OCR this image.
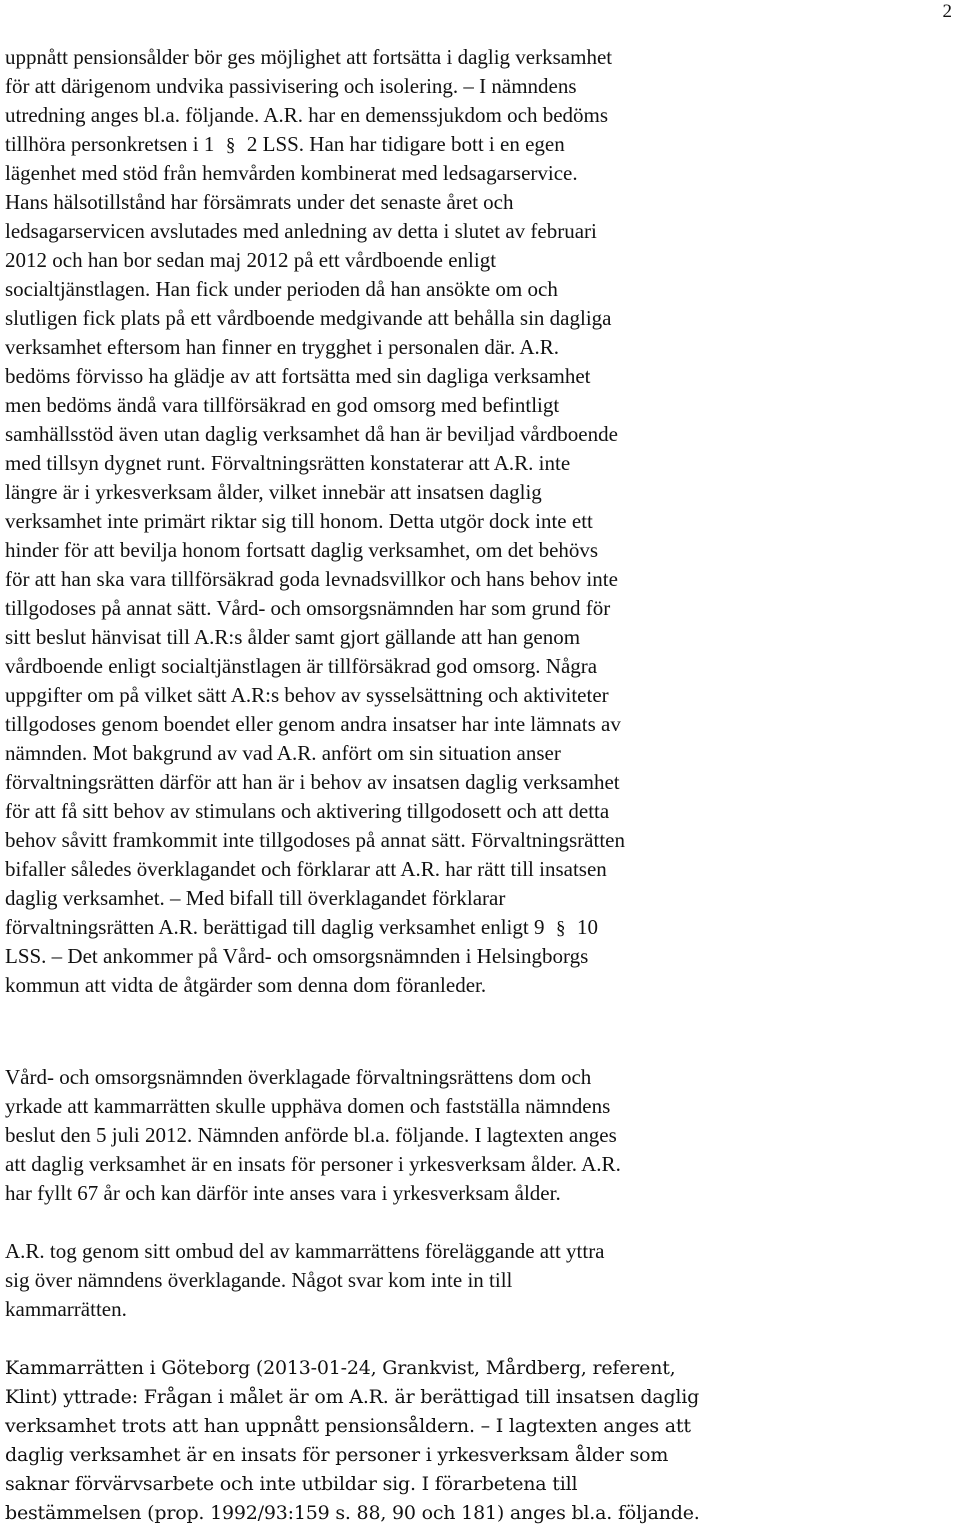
2
uppnått pensionsålder bör ges möjlighet att fortsätta i daglig verksamhet
för att därigenom undvika passivisering och isolering. – I nämndens
utredning anges bl.a. följande. A.R. har en demenssjukdom och bedöms
tillhöra personkretsen i 1 § 2 LSS. Han har tidigare bott i en egen
lägenhet med stöd från hemvården kombinerat med ledsagarservice.
Hans hälsotillstånd har försämrats under det senaste året och
ledsagarservicen avslutades med anledning av detta i slutet av februari
2012 och han bor sedan maj 2012 på ett vårdboende enligt
socialtjänstlagen. Han fick under perioden då han ansökte om och
slutligen fick plats på ett vårdboende medgivande att behålla sin dagliga
verksamhet eftersom han finner en trygghet i personalen där. A.R.
bedöms förvisso ha glädje av att fortsätta med sin dagliga verksamhet
men bedöms ändå vara tillförsäkrad en god omsorg med befintligt
samhällsstöd även utan daglig verksamhet då han är beviljad vårdboende
med tillsyn dygnet runt. Förvaltningsrätten konstaterar att A.R. inte
längre är i yrkesverksam ålder, vilket innebär att insatsen daglig
verksamhet inte primärt riktar sig till honom. Detta utgör dock inte ett
hinder för att bevilja honom fortsatt daglig verksamhet, om det behövs
för att han ska vara tillförsäkrad goda levnadsvillkor och hans behov inte
tillgodoses på annat sätt. Vård- och omsorgsnämnden har som grund för
sitt beslut hänvisat till A.R:s ålder samt gjort gällande att han genom
vårdboende enligt socialtjänstlagen är tillförsäkrad god omsorg. Några
uppgifter om på vilket sätt A.R:s behov av sysselsättning och aktiviteter
tillgodoses genom boendet eller genom andra insatser har inte lämnats av
nämnden. Mot bakgrund av vad A.R. anfört om sin situation anser
förvaltningsrätten därför att han är i behov av insatsen daglig verksamhet
för att få sitt behov av stimulans och aktivering tillgodosett och att detta
behov såvitt framkommit inte tillgodoses på annat sätt. Förvaltningsrätten
bifaller således överklagandet och förklarar att A.R. har rätt till insatsen
daglig verksamhet. – Med bifall till överklagandet förklarar
förvaltningsrätten A.R. berättigad till daglig verksamhet enligt 9 § 10
LSS. – Det ankommer på Vård- och omsorgsnämnden i Helsingborgs
kommun att vidta de åtgärder som denna dom föranleder.
Vård- och omsorgsnämnden överklagade förvaltningsrättens dom och
yrkade att kammarrätten skulle upphäva domen och fastställa nämndens
beslut den 5 juli 2012. Nämnden anförde bl.a. följande. I lagtexten anges
att daglig verksamhet är en insats för personer i yrkesverksam ålder. A.R.
har fyllt 67 år och kan därför inte anses vara i yrkesverksam ålder.
A.R. tog genom sitt ombud del av kammarrättens föreläggande att yttra
sig över nämndens överklagande. Något svar kom inte in till
kammarrätten.
Kammarrätten i Göteborg (2013-01-24, Grankvist, Mårdberg, referent,
Klint) yttrade: Frågan i målet är om A.R. är berättigad till insatsen daglig
verksamhet trots att han uppnått pensionsåldern. – I lagtexten anges att
daglig verksamhet är en insats för personer i yrkesverksam ålder som
saknar förvärvsarbete och inte utbildar sig. I förarbetena till
bestämmelsen (prop. 1992/93:159 s. 88, 90 och 181) anges bl.a. följande.
